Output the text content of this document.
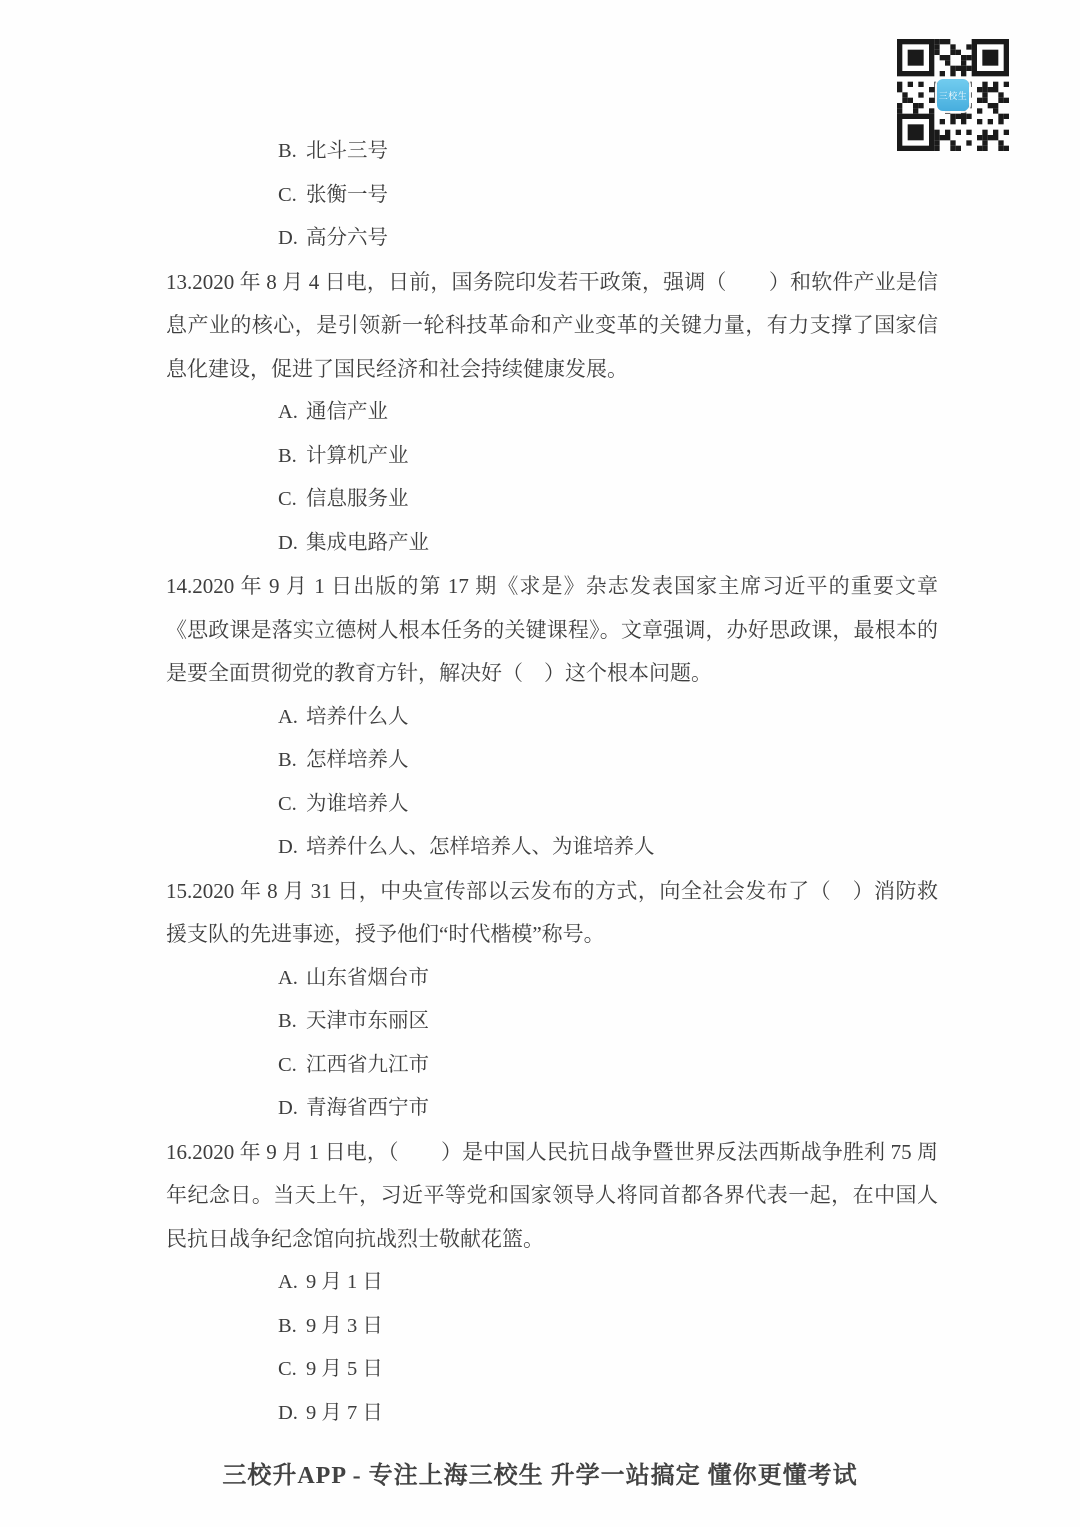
三校生
B. 北斗三号
C. 张衡一号
D. 高分六号

13.2020 年 8 月 4 日电，日前，国务院印发若干政策，强调（　　）和软件产业是信息产业的核心，是引领新一轮科技革命和产业变革的关键力量，有力支撑了国家信息化建设，促进了国民经济和社会持续健康发展。

A. 通信产业
B. 计算机产业
C. 信息服务业
D. 集成电路产业

14.2020 年 9 月 1 日出版的第 17 期《求是》杂志发表国家主席习近平的重要文章《思政课是落实立德树人根本任务的关键课程》。文章强调，办好思政课，最根本的是要全面贯彻党的教育方针，解决好（　）这个根本问题。

A. 培养什么人
B. 怎样培养人
C. 为谁培养人
D. 培养什么人、怎样培养人、为谁培养人

15.2020 年 8 月 31 日，中央宣传部以云发布的方式，向全社会发布了（　）消防救援支队的先进事迹，授予他们“时代楷模”称号。

A. 山东省烟台市
B. 天津市东丽区
C. 江西省九江市
D. 青海省西宁市

16.2020 年 9 月 1 日电，（　　）是中国人民抗日战争暨世界反法西斯战争胜利 75 周年纪念日。当天上午，习近平等党和国家领导人将同首都各界代表一起，在中国人民抗日战争纪念馆向抗战烈士敬献花篮。

A. 9 月 1 日
B. 9 月 3 日
C. 9 月 5 日
D. 9 月 7 日
三校升APP - 专注上海三校生 升学一站搞定 懂你更懂考试
